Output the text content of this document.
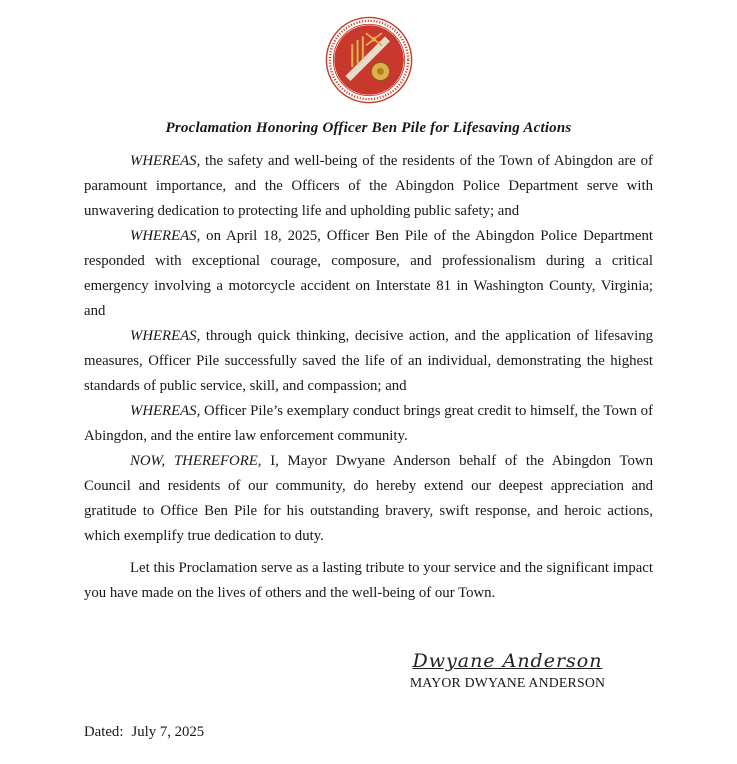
Proclamation Honoring Officer Ben Pile for Lifesaving Actions

WHEREAS, the safety and well-being of the residents of the Town of Abingdon are of paramount importance, and the Officers of the Abingdon Police Department serve with unwavering dedication to protecting life and upholding public safety; and

WHEREAS, on April 18, 2025, Officer Ben Pile of the Abingdon Police Department responded with exceptional courage, composure, and professionalism during a critical emergency involving a motorcycle accident on Interstate 81 in Washington County, Virginia; and

WHEREAS, through quick thinking, decisive action, and the application of lifesaving measures, Officer Pile successfully saved the life of an individual, demonstrating the highest standards of public service, skill, and compassion; and

WHEREAS, Officer Pile’s exemplary conduct brings great credit to himself, the Town of Abingdon, and the entire law enforcement community.

NOW, THEREFORE, I, Mayor Dwyane Anderson behalf of the Abingdon Town Council and residents of our community, do hereby extend our deepest appreciation and gratitude to Office Ben Pile for his outstanding bravery, swift response, and heroic actions, which exemplify true dedication to duty.

Let this Proclamation serve as a lasting tribute to your service and the significant impact you have made on the lives of others and the well-being of our Town.

Dwyane Anderson
MAYOR DWYANE ANDERSON
Dated: July 7, 2025
